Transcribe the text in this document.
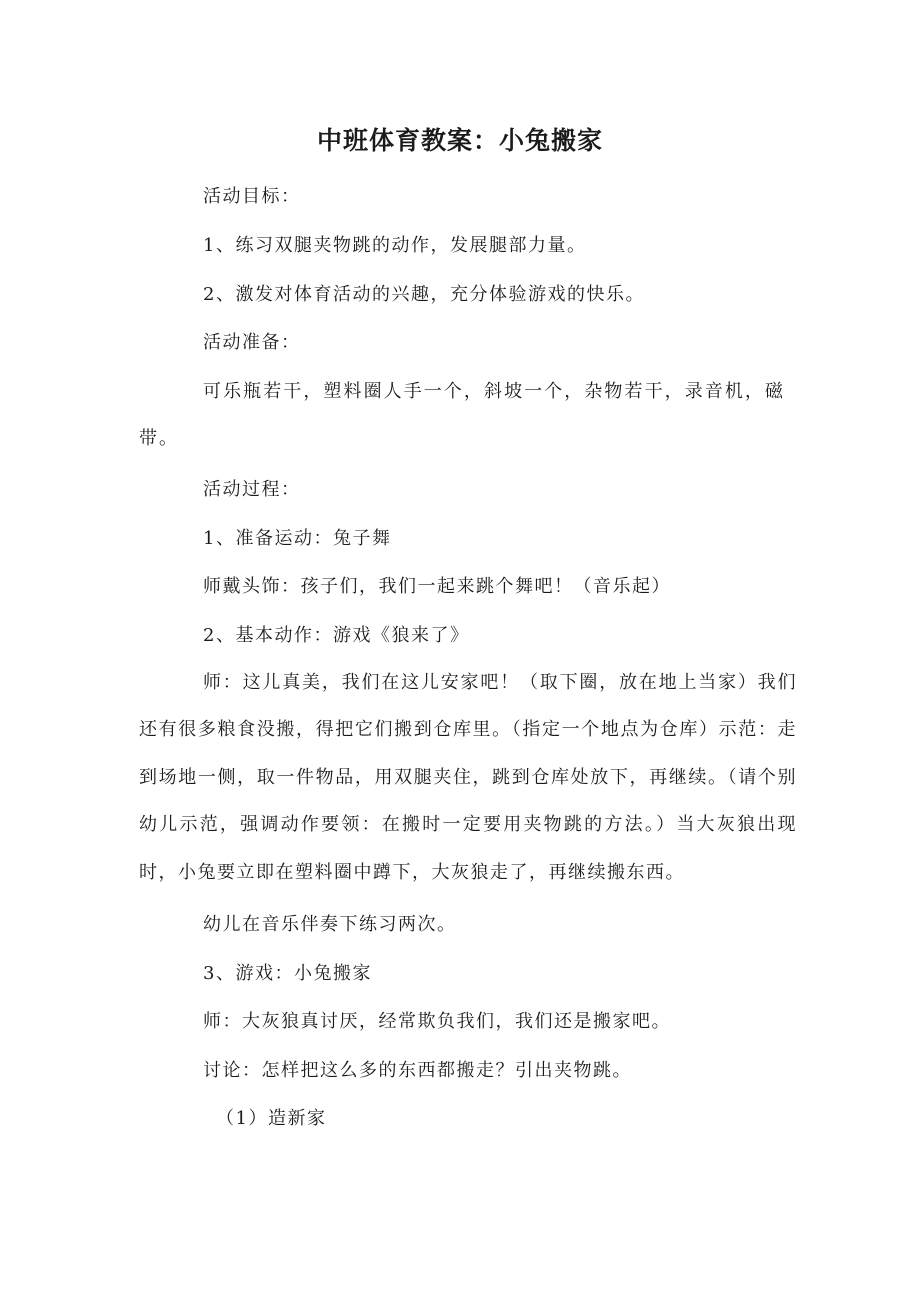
中班体育教案：小兔搬家

活动目标：

1、练习双腿夹物跳的动作，发展腿部力量。

2、激发对体育活动的兴趣，充分体验游戏的快乐。

活动准备：

可乐瓶若干，塑料圈人手一个，斜坡一个，杂物若干，录音机，磁带。

活动过程：

1、准备运动：兔子舞

师戴头饰：孩子们，我们一起来跳个舞吧！（音乐起）

2、基本动作：游戏《狼来了》

师：这儿真美，我们在这儿安家吧！（取下圈，放在地上当家）我们还有很多粮食没搬，得把它们搬到仓库里。（指定一个地点为仓库）示范：走到场地一侧，取一件物品，用双腿夹住，跳到仓库处放下，再继续。（请个别幼儿示范，强调动作要领：在搬时一定要用夹物跳的方法。）当大灰狼出现时，小兔要立即在塑料圈中蹲下，大灰狼走了，再继续搬东西。

幼儿在音乐伴奏下练习两次。

3、游戏：小兔搬家

师：大灰狼真讨厌，经常欺负我们，我们还是搬家吧。

讨论：怎样把这么多的东西都搬走？引出夹物跳。

（1）造新家
